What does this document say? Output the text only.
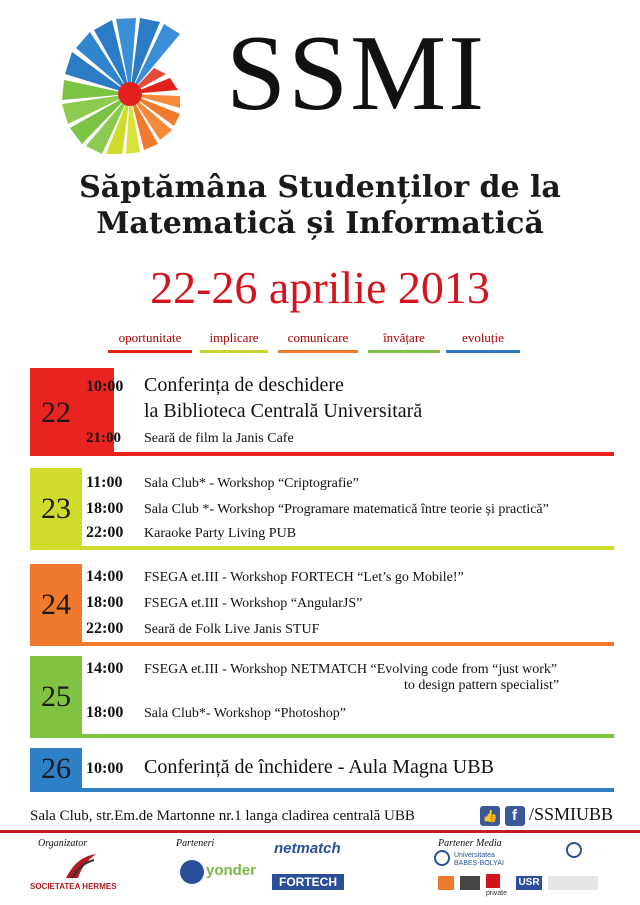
SSMI
Săptămâna Studenților de la
Matematică și Informatică
22-26 aprilie 2013
oportunitate	implicare	comunicare	învățare	evoluție
22
10:00 Conferința de deschidere
la Biblioteca Centrală Universitară
21:00 Seară de film la Janis Cafe
23
11:00 Sala Club* - Workshop “Criptografie”
18:00 Sala Club *- Workshop “Programare matematică între teorie și practică”
22:00 Karaoke Party Living PUB
24
14:00 FSEGA et.III - Workshop FORTECH “Let’s go Mobile!”
18:00 FSEGA et.III - Workshop “AngularJS”
22:00 Seară de Folk Live Janis STUF
25
14:00 FSEGA et.III - Workshop NETMATCH “Evolving code from “just work”
to design pattern specialist”
18:00 Sala Club*- Workshop “Photoshop”
26 10:00 Conferință de închidere - Aula Magna UBB
Sala Club, str.Em.de Martonne nr.1 langa cladirea centrală UBB	👍 f /SSMIUBB
Organizator
SOCIETATEA HERMES
Parteneri
yonder
netmatch
FORTECH
Partener Media
Universitatea BABEȘ-BOLYAI
private
USR
